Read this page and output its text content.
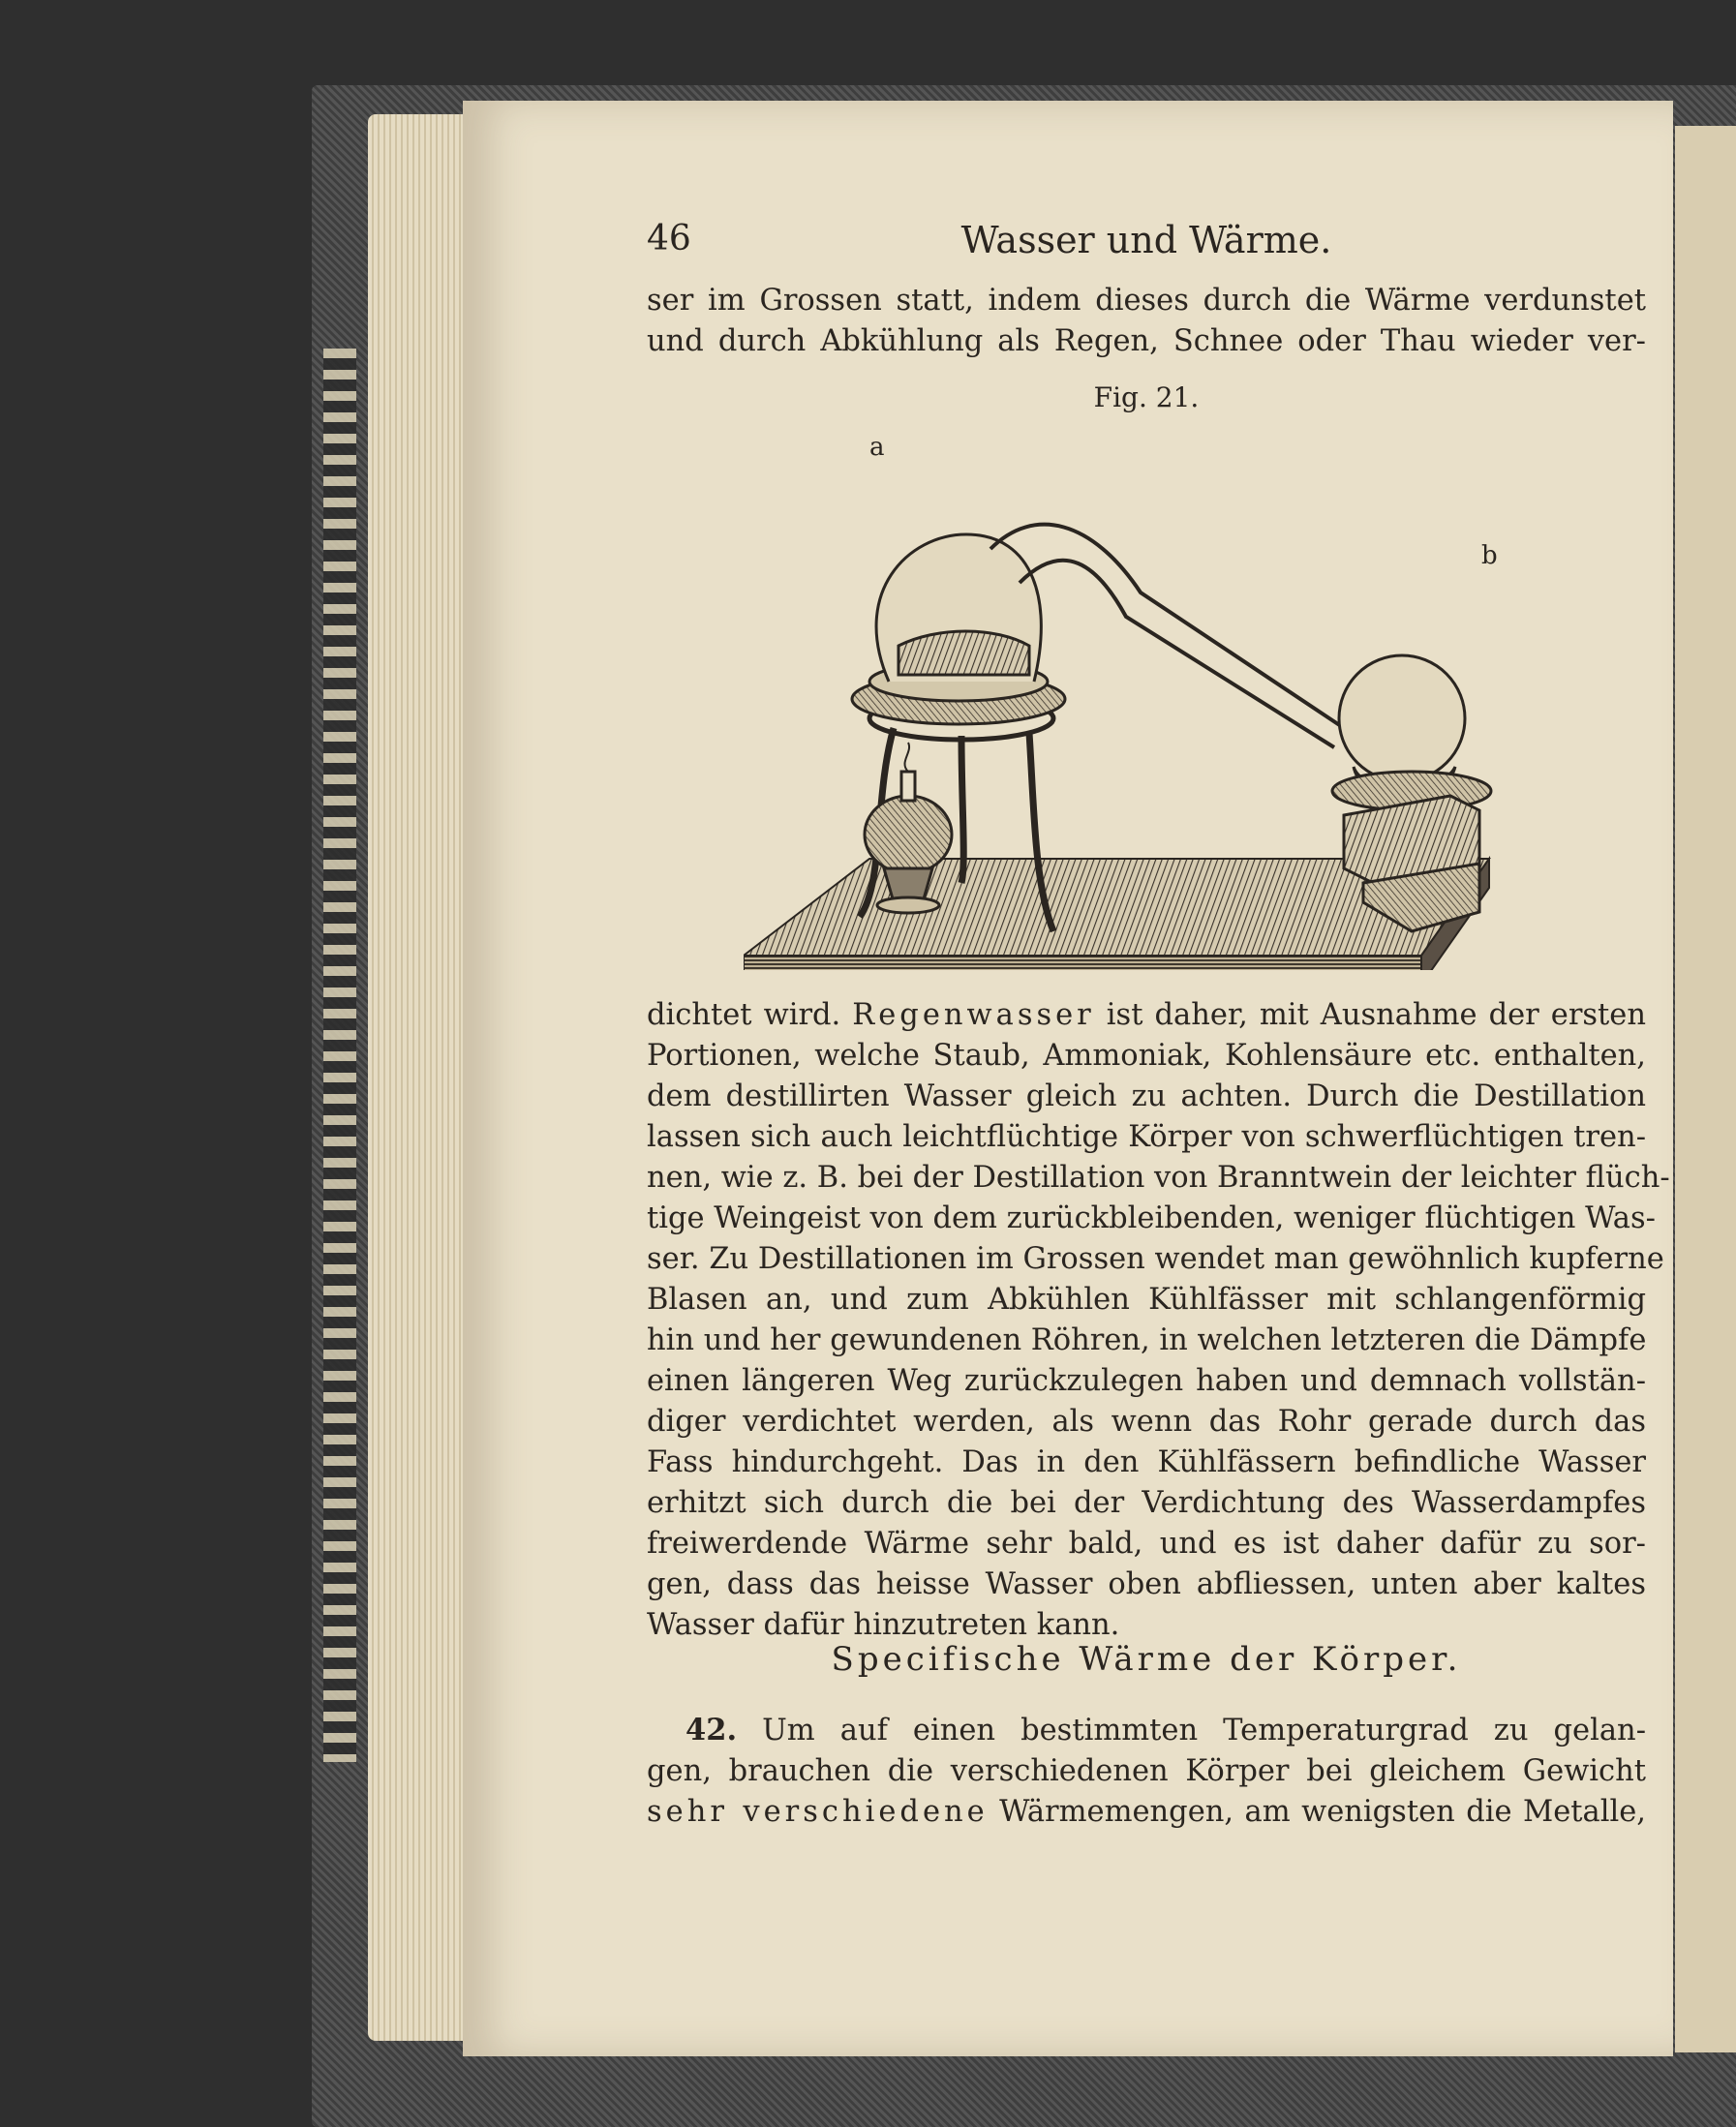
46	Wasser und Wärme.

ser im Grossen statt, indem dieses durch die Wärme verdunstet
und durch Abkühlung als Regen, Schnee oder Thau wieder ver-

Fig. 21.
a
b

dichtet wird. Regenwasser ist daher, mit Ausnahme der ersten
Portionen, welche Staub, Ammoniak, Kohlensäure etc. enthalten,
dem destillirten Wasser gleich zu achten. Durch die Destillation
lassen sich auch leichtflüchtige Körper von schwerflüchtigen tren-
nen, wie z. B. bei der Destillation von Branntwein der leichter flüch-
tige Weingeist von dem zurückbleibenden, weniger flüchtigen Was-
ser. Zu Destillationen im Grossen wendet man gewöhnlich kupferne
Blasen an, und zum Abkühlen Kühlfässer mit schlangenförmig
hin und her gewundenen Röhren, in welchen letzteren die Dämpfe
einen längeren Weg zurückzulegen haben und demnach vollstän-
diger verdichtet werden, als wenn das Rohr gerade durch das
Fass hindurchgeht. Das in den Kühlfässern befindliche Wasser
erhitzt sich durch die bei der Verdichtung des Wasserdampfes
freiwerdende Wärme sehr bald, und es ist daher dafür zu sor-
gen, dass das heisse Wasser oben abfliessen, unten aber kaltes
Wasser dafür hinzutreten kann.

Specifische Wärme der Körper.

42. Um auf einen bestimmten Temperaturgrad zu gelan-
gen, brauchen die verschiedenen Körper bei gleichem Gewicht
sehr verschiedene Wärmemengen, am wenigsten die Metalle,
